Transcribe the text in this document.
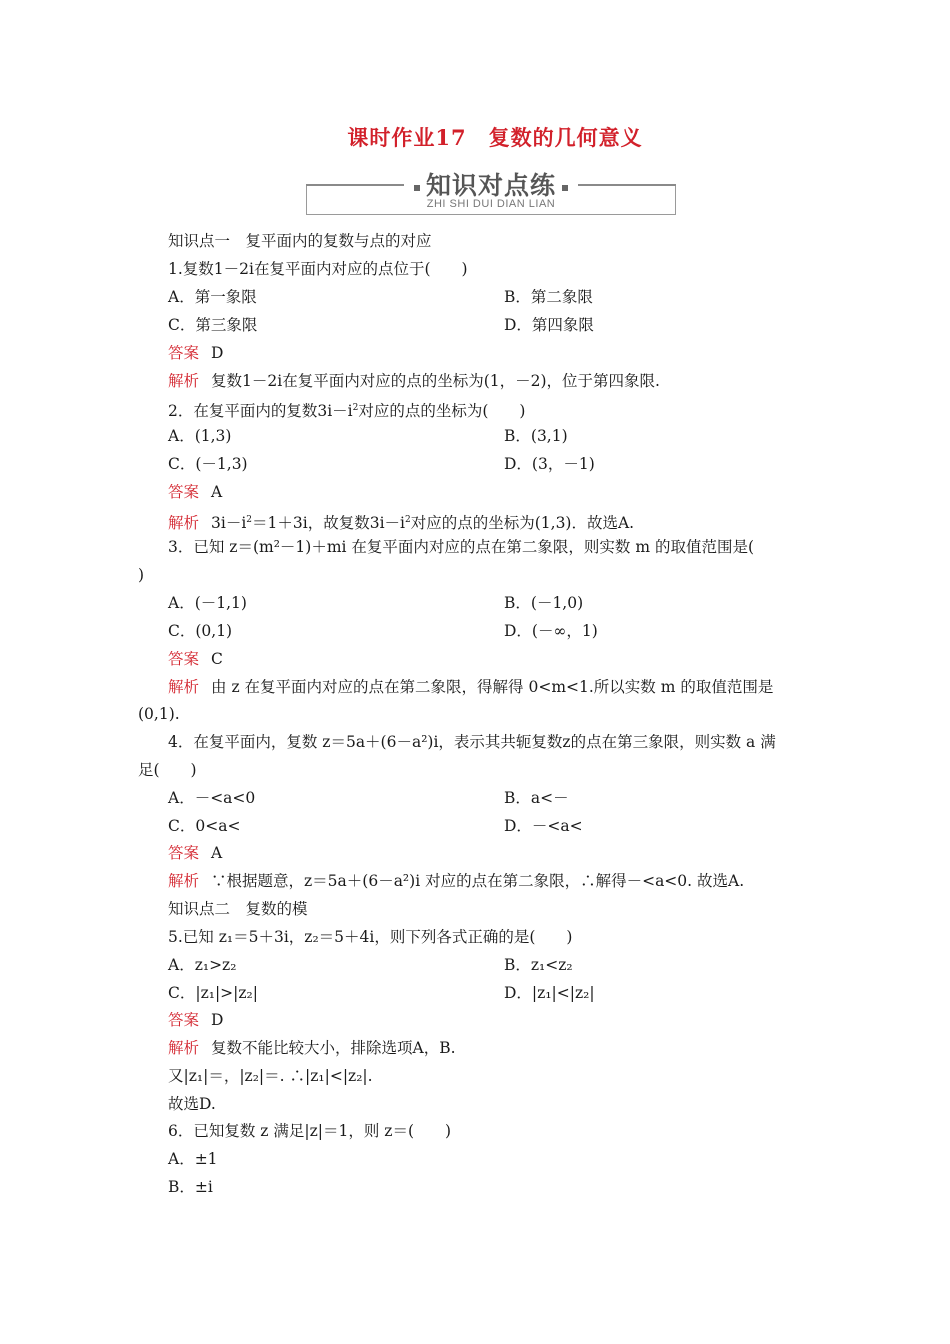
课时作业17　复数的几何意义
知识对点练
ZHI SHI DUI DIAN LIAN
知识点一　复平面内的复数与点的对应
1.复数1－2i在复平面内对应的点位于(　　)
A．第一象限	B．第二象限
C．第三象限	D．第四象限
答案 D
解析 复数1－2i在复平面内对应的点的坐标为(1，－2)，位于第四象限.
2．在复平面内的复数$3i-i^2$对应的点的坐标为(　　)
A．(1,3)	B．(3,1)
C．(－1,3)	D．(3，－1)
答案 A
解析 $3i-i^2=1+3i$，故复数$3i-i^2$对应的点的坐标为(1,3)．故选A.
3．已知 z＝(m²－1)＋mi 在复平面内对应的点在第二象限，则实数 m 的取值范围是(
)
A．(－1,1)	B．(－1,0)
C．(0,1)	D．(－∞，1)
答案 C
解析 由 z 在复平面内对应的点在第二象限，得解得 0<m<1.所以实数 m 的取值范围是
(0,1).
4．在复平面内，复数 z＝5a＋(6－a²)i，表示其共轭复数z的点在第三象限，则实数 a 满
足(　　)
A．－<a<0	B．a<－
C．0<a<	D．－<a<
答案 A
解析 ∵根据题意，z＝5a＋(6－a²)i 对应的点在第二象限，∴解得－<a<0. 故选A.
知识点二　复数的模
5.已知 z₁＝5＋3i，z₂＝5＋4i，则下列各式正确的是(　　)
A．z₁>z₂	B．z₁<z₂
C．|z₁|>|z₂|	D．|z₁|<|z₂|
答案 D
解析 复数不能比较大小，排除选项A，B.
又|z₁|＝，|z₂|＝. ∴|z₁|<|z₂|.
故选D.
6．已知复数 z 满足|z|＝1，则 z＝(　　)
A．±1
B．±i
